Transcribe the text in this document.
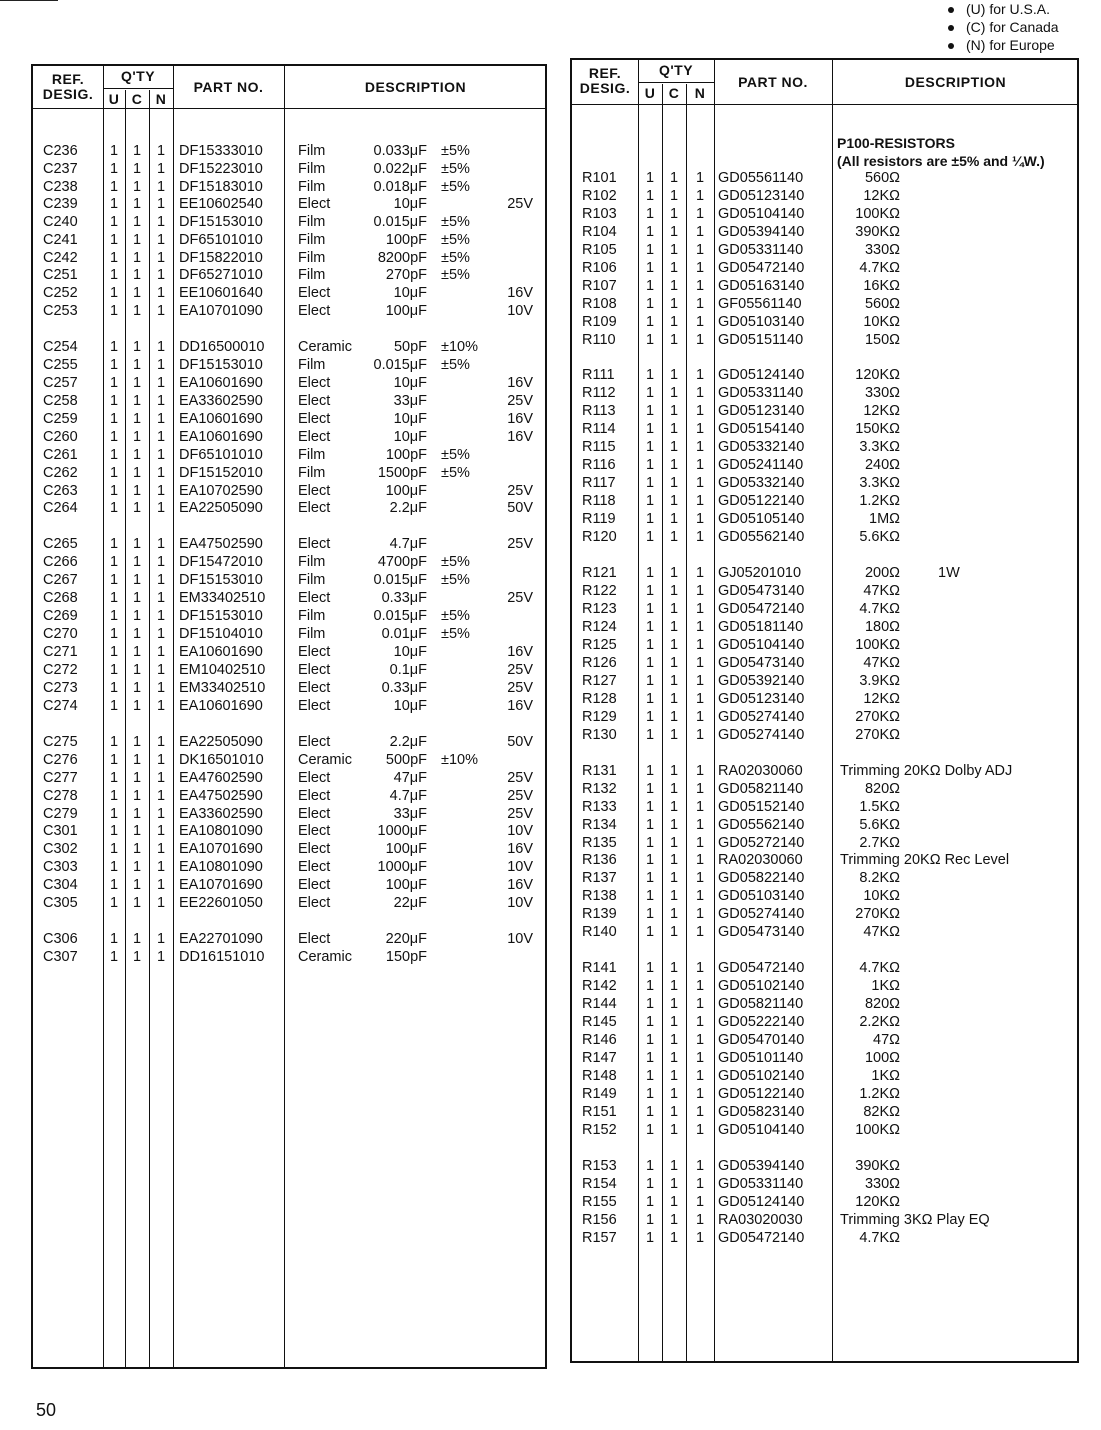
(U) for U.S.A.
(C) for Canada
(N) for Europe
REF.
DESIG.
Q'TY
U C N
PART NO.	DESCRIPTION
C236	1	1	1 DF15333010 Film	0.033μF ±5%
C237	1	1	1 DF15223010 Film	0.022μF ±5%
C238	1	1	1 DF15183010 Film	0.018μF ±5%
C239	1	1	1 EE10602540 Elect	10μF	25V
C240	1	1	1 DF15153010 Film	0.015μF ±5%
C241	1	1	1 DF65101010 Film	100pF ±5%
C242	1	1	1 DF15822010 Film	8200pF ±5%
C251	1	1	1 DF65271010 Film	270pF ±5%
C252	1	1	1 EE10601640 Elect	10μF	16V
C253	1	1	1 EA10701090 Elect	100μF	10V
C254	1	1	1 DD16500010 Ceramic	50pF ±10%
C255	1	1	1 DF15153010 Film	0.015μF ±5%
C257	1	1	1 EA10601690 Elect	10μF	16V
C258	1	1	1 EA33602590 Elect	33μF	25V
C259	1	1	1 EA10601690 Elect	10μF	16V
C260	1	1	1 EA10601690 Elect	10μF	16V
C261	1	1	1 DF65101010 Film	100pF ±5%
C262	1	1	1 DF15152010 Film	1500pF ±5%
C263	1	1	1 EA10702590 Elect	100μF	25V
C264	1	1	1 EA22505090 Elect	2.2μF	50V
C265	1	1	1 EA47502590 Elect	4.7μF	25V
C266	1	1	1 DF15472010 Film	4700pF ±5%
C267	1	1	1 DF15153010 Film	0.015μF ±5%
C268	1	1	1 EM33402510 Elect	0.33μF	25V
C269	1	1	1 DF15153010 Film	0.015μF ±5%
C270	1	1	1 DF15104010 Film	0.01μF ±5%
C271	1	1	1 EA10601690 Elect	10μF	16V
C272	1	1	1 EM10402510 Elect	0.1μF	25V
C273	1	1	1 EM33402510 Elect	0.33μF	25V
C274	1	1	1 EA10601690 Elect	10μF	16V
C275	1	1	1 EA22505090 Elect	2.2μF	50V
C276	1	1	1 DK16501010 Ceramic	500pF ±10%
C277	1	1	1 EA47602590 Elect	47μF	25V
C278	1	1	1 EA47502590 Elect	4.7μF	25V
C279	1	1	1 EA33602590 Elect	33μF	25V
C301	1	1	1 EA10801090 Elect	1000μF	10V
C302	1	1	1 EA10701690 Elect	100μF	16V
C303	1	1	1 EA10801090 Elect	1000μF	10V
C304	1	1	1 EA10701690 Elect	100μF	16V
C305	1	1	1 EE22601050 Elect	22μF	10V
C306	1	1	1 EA22701090 Elect	220μF	10V
C307	1	1	1 DD16151010 Ceramic	150pF
REF.
DESIG.
Q'TY
U C	N
PART NO.	DESCRIPTION
P100-RESISTORS
(All resistors are ±5% and ¼W.)
R101	1	1	1 GD05561140	560Ω
R102	1	1	1 GD05123140	12KΩ
R103	1	1	1 GD05104140	100KΩ
R104	1	1	1 GD05394140	390KΩ
R105	1	1	1 GD05331140	330Ω
R106	1	1	1 GD05472140	4.7KΩ
R107	1	1	1 GD05163140	16KΩ
R108	1	1	1 GF05561140	560Ω
R109	1	1	1 GD05103140	10KΩ
R110	1	1	1 GD05151140	150Ω
R111	1	1	1 GD05124140	120KΩ
R112	1	1	1 GD05331140	330Ω
R113	1	1	1 GD05123140	12KΩ
R114	1	1	1 GD05154140	150KΩ
R115	1	1	1 GD05332140	3.3KΩ
R116	1	1	1 GD05241140	240Ω
R117	1	1	1 GD05332140	3.3KΩ
R118	1	1	1 GD05122140	1.2KΩ
R119	1	1	1 GD05105140	1MΩ
R120	1	1	1 GD05562140	5.6KΩ
R121	1	1	1 GJ05201010	200Ω	1W
R122	1	1	1 GD05473140	47KΩ
R123	1	1	1 GD05472140	4.7KΩ
R124	1	1	1 GD05181140	180Ω
R125	1	1	1 GD05104140	100KΩ
R126	1	1	1 GD05473140	47KΩ
R127	1	1	1 GD05392140	3.9KΩ
R128	1	1	1 GD05123140	12KΩ
R129	1	1	1 GD05274140	270KΩ
R130	1	1	1 GD05274140	270KΩ
R131	1	1	1 RA02030060	Trimming 20KΩ Dolby ADJ
R132	1	1	1 GD05821140	820Ω
R133	1	1	1 GD05152140	1.5KΩ
R134	1	1	1 GD05562140	5.6KΩ
R135	1	1	1 GD05272140	2.7KΩ
R136	1	1	1 RA02030060	Trimming 20KΩ Rec Level
R137	1	1	1 GD05822140	8.2KΩ
R138	1	1	1 GD05103140	10KΩ
R139	1	1	1 GD05274140	270KΩ
R140	1	1	1 GD05473140	47KΩ
R141	1	1	1 GD05472140	4.7KΩ
R142	1	1	1 GD05102140	1KΩ
R144	1	1	1 GD05821140	820Ω
R145	1	1	1 GD05222140	2.2KΩ
R146	1	1	1 GD05470140	47Ω
R147	1	1	1 GD05101140	100Ω
R148	1	1	1 GD05102140	1KΩ
R149	1	1	1 GD05122140	1.2KΩ
R151	1	1	1 GD05823140	82KΩ
R152	1	1	1 GD05104140	100KΩ
R153	1	1	1 GD05394140	390KΩ
R154	1	1	1 GD05331140	330Ω
R155	1	1	1 GD05124140	120KΩ
R156	1	1	1 RA03020030	Trimming 3KΩ Play EQ
R157	1	1	1 GD05472140	4.7KΩ
50
